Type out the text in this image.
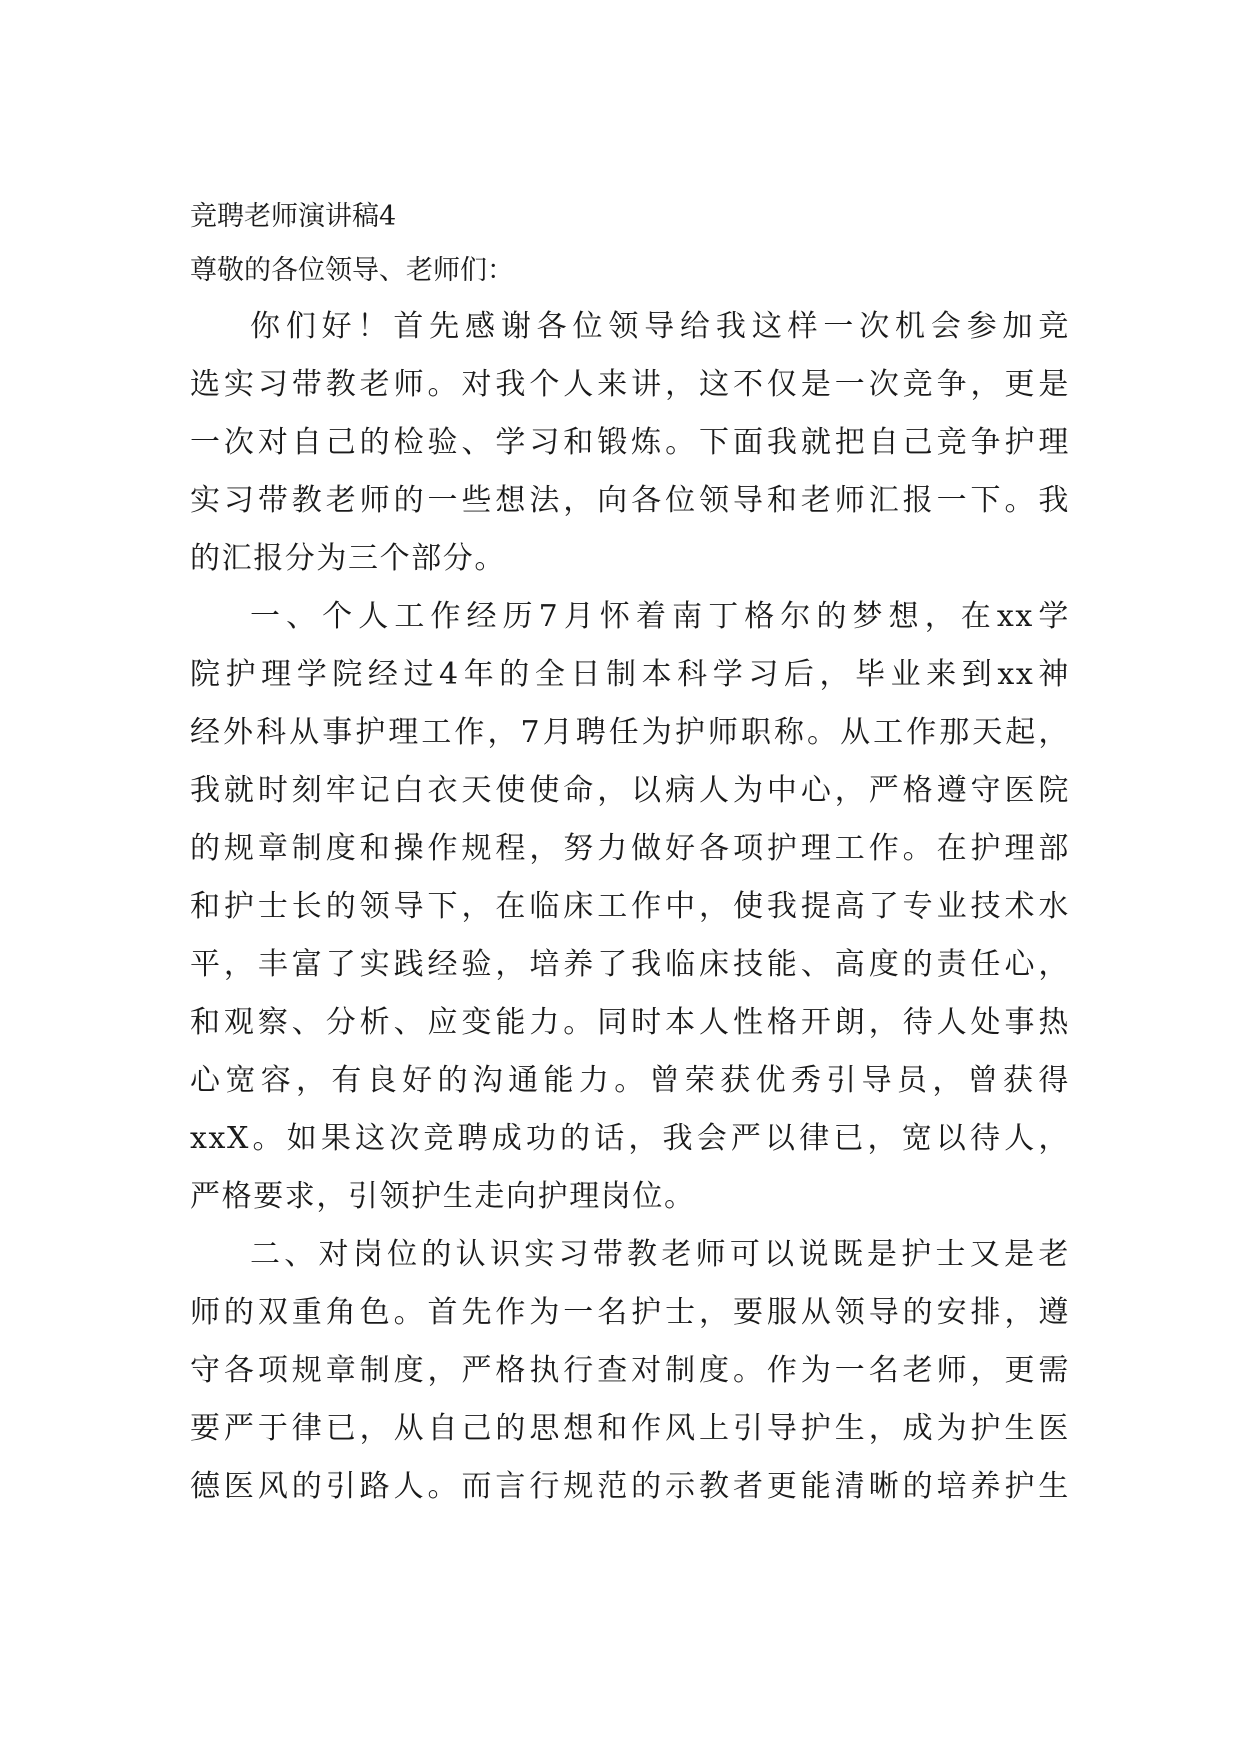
竞聘老师演讲稿4

尊敬的各位领导、老师们：

你们好！首先感谢各位领导给我这样一次机会参加竞
选实习带教老师。对我个人来讲，这不仅是一次竞争，更是
一次对自己的检验、学习和锻炼。下面我就把自己竞争护理
实习带教老师的一些想法，向各位领导和老师汇报一下。我
的汇报分为三个部分。

一、个人工作经历7月怀着南丁格尔的梦想，在xx学
院护理学院经过4年的全日制本科学习后，毕业来到xx神
经外科从事护理工作，7月聘任为护师职称。从工作那天起，
我就时刻牢记白衣天使使命，以病人为中心，严格遵守医院
的规章制度和操作规程，努力做好各项护理工作。在护理部
和护士长的领导下，在临床工作中，使我提高了专业技术水
平，丰富了实践经验，培养了我临床技能、高度的责任心，
和观察、分析、应变能力。同时本人性格开朗，待人处事热
心宽容，有良好的沟通能力。曾荣获优秀引导员，曾获得
xxX。如果这次竞聘成功的话，我会严以律已，宽以待人，
严格要求，引领护生走向护理岗位。

二、对岗位的认识实习带教老师可以说既是护士又是老
师的双重角色。首先作为一名护士，要服从领导的安排，遵
守各项规章制度，严格执行查对制度。作为一名老师，更需
要严于律已，从自己的思想和作风上引导护生，成为护生医
德医风的引路人。而言行规范的示教者更能清晰的培养护生
